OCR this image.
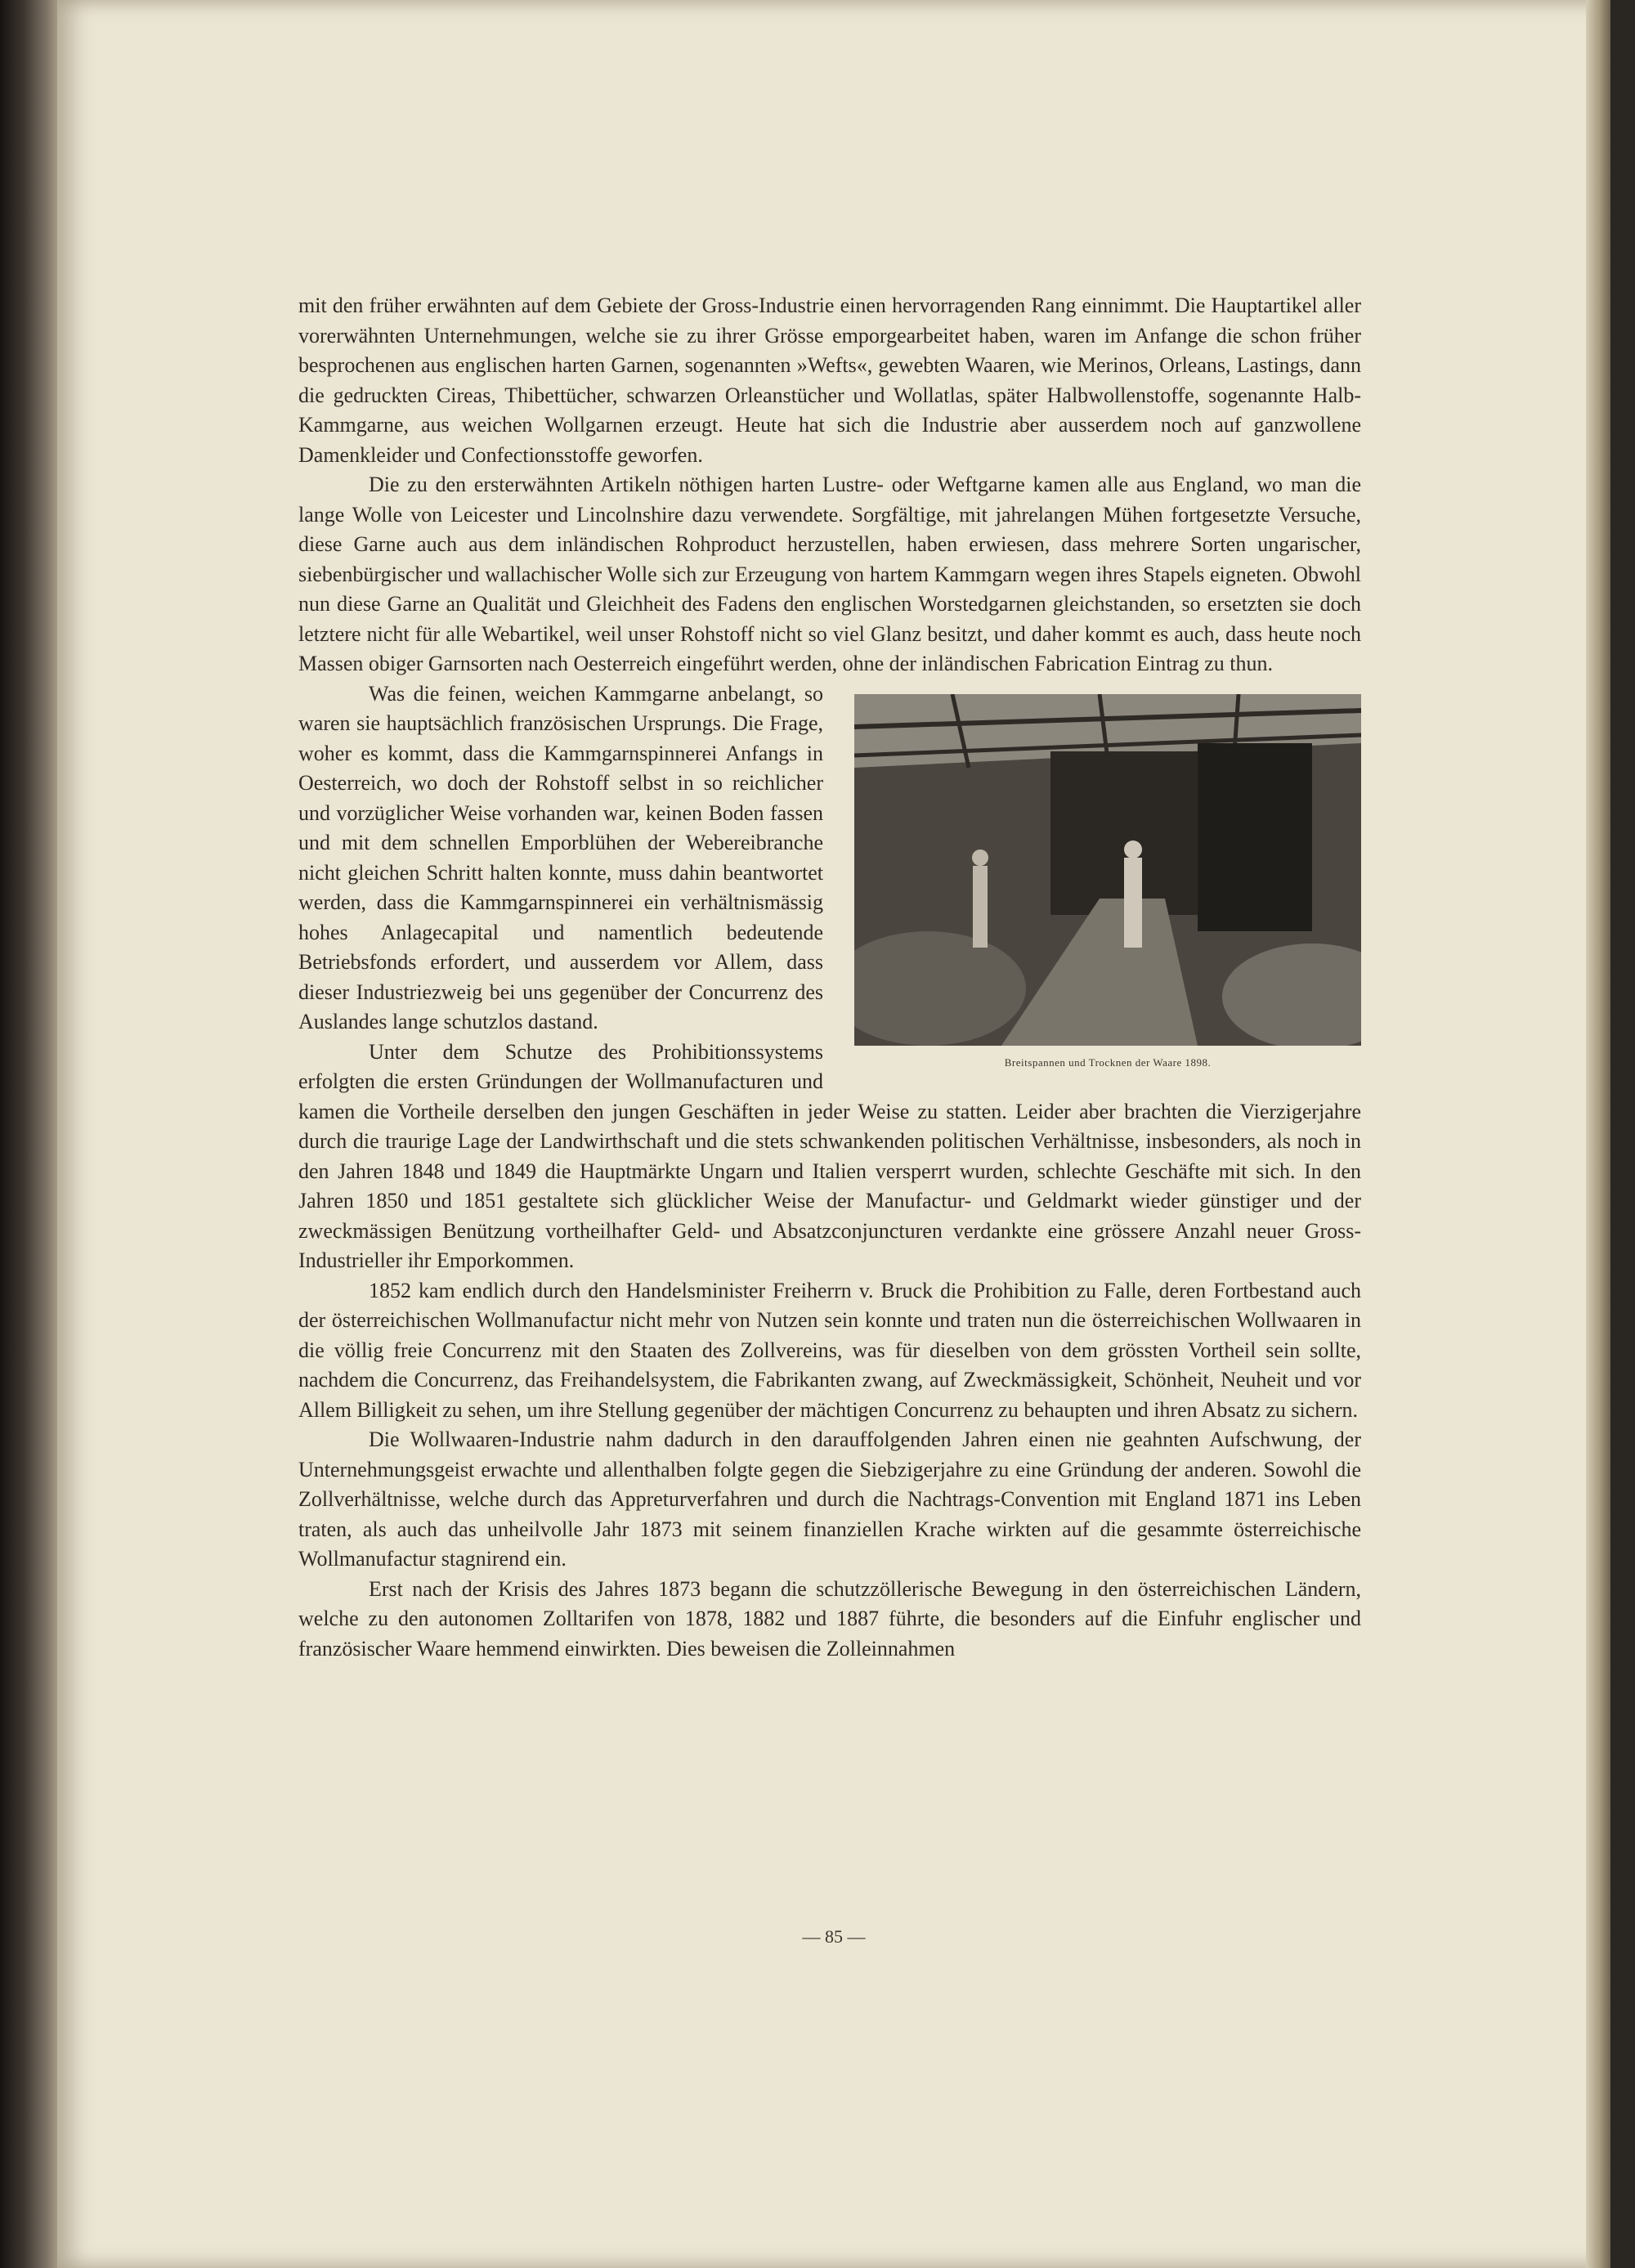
mit den früher erwähnten auf dem Gebiete der Gross-Industrie einen hervorragenden Rang einnimmt. Die Hauptartikel aller vorerwähnten Unternehmungen, welche sie zu ihrer Grösse emporgearbeitet haben, waren im Anfange die schon früher besprochenen aus englischen harten Garnen, sogenannten »Wefts«, gewebten Waaren, wie Merinos, Orleans, Lastings, dann die gedruckten Cireas, Thibettücher, schwarzen Orleanstücher und Wollatlas, später Halbwollenstoffe, sogenannte Halb-Kammgarne, aus weichen Wollgarnen erzeugt. Heute hat sich die Industrie aber ausserdem noch auf ganzwollene Damenkleider und Confectionsstoffe geworfen.

Die zu den ersterwähnten Artikeln nöthigen harten Lustre- oder Weftgarne kamen alle aus England, wo man die lange Wolle von Leicester und Lincolnshire dazu verwendete. Sorgfältige, mit jahrelangen Mühen fortgesetzte Versuche, diese Garne auch aus dem inländischen Rohproduct herzustellen, haben erwiesen, dass mehrere Sorten ungarischer, siebenbürgischer und wallachischer Wolle sich zur Erzeugung von hartem Kammgarn wegen ihres Stapels eigneten. Obwohl nun diese Garne an Qualität und Gleichheit des Fadens den englischen Worstedgarnen gleichstanden, so ersetzten sie doch letztere nicht für alle Webartikel, weil unser Rohstoff nicht so viel Glanz besitzt, und daher kommt es auch, dass heute noch Massen obiger Garnsorten nach Oesterreich eingeführt werden, ohne der inländischen Fabrication Eintrag zu thun.

Breitspannen und Trocknen der Waare 1898.

Was die feinen, weichen Kammgarne anbelangt, so waren sie hauptsächlich französischen Ursprungs. Die Frage, woher es kommt, dass die Kammgarnspinnerei Anfangs in Oesterreich, wo doch der Rohstoff selbst in so reichlicher und vorzüglicher Weise vorhanden war, keinen Boden fassen und mit dem schnellen Emporblühen der Webereibranche nicht gleichen Schritt halten konnte, muss dahin beantwortet werden, dass die Kammgarnspinnerei ein verhältnismässig hohes Anlagecapital und namentlich bedeutende Betriebsfonds erfordert, und ausserdem vor Allem, dass dieser Industriezweig bei uns gegenüber der Concurrenz des Auslandes lange schutzlos dastand.

Unter dem Schutze des Prohibitionssystems erfolgten die ersten Gründungen der Wollmanufacturen und kamen die Vortheile derselben den jungen Geschäften in jeder Weise zu statten. Leider aber brachten die Vierzigerjahre durch die traurige Lage der Landwirthschaft und die stets schwankenden politischen Verhältnisse, insbesonders, als noch in den Jahren 1848 und 1849 die Hauptmärkte Ungarn und Italien versperrt wurden, schlechte Geschäfte mit sich. In den Jahren 1850 und 1851 gestaltete sich glücklicher Weise der Manufactur- und Geldmarkt wieder günstiger und der zweckmässigen Benützung vortheilhafter Geld- und Absatzconjuncturen verdankte eine grössere Anzahl neuer Gross-Industrieller ihr Emporkommen.

1852 kam endlich durch den Handelsminister Freiherrn v. Bruck die Prohibition zu Falle, deren Fortbestand auch der österreichischen Wollmanufactur nicht mehr von Nutzen sein konnte und traten nun die österreichischen Wollwaaren in die völlig freie Concurrenz mit den Staaten des Zollvereins, was für dieselben von dem grössten Vortheil sein sollte, nachdem die Concurrenz, das Freihandelsystem, die Fabrikanten zwang, auf Zweckmässigkeit, Schönheit, Neuheit und vor Allem Billigkeit zu sehen, um ihre Stellung gegenüber der mächtigen Concurrenz zu behaupten und ihren Absatz zu sichern.

Die Wollwaaren-Industrie nahm dadurch in den darauffolgenden Jahren einen nie geahnten Aufschwung, der Unternehmungsgeist erwachte und allenthalben folgte gegen die Siebzigerjahre zu eine Gründung der anderen. Sowohl die Zollverhältnisse, welche durch das Appreturverfahren und durch die Nachtrags-Convention mit England 1871 ins Leben traten, als auch das unheilvolle Jahr 1873 mit seinem finanziellen Krache wirkten auf die gesammte österreichische Wollmanufactur stagnirend ein.

Erst nach der Krisis des Jahres 1873 begann die schutzzöllerische Bewegung in den österreichischen Ländern, welche zu den autonomen Zolltarifen von 1878, 1882 und 1887 führte, die besonders auf die Einfuhr englischer und französischer Waare hemmend einwirkten. Dies beweisen die Zolleinnahmen

— 85 —
